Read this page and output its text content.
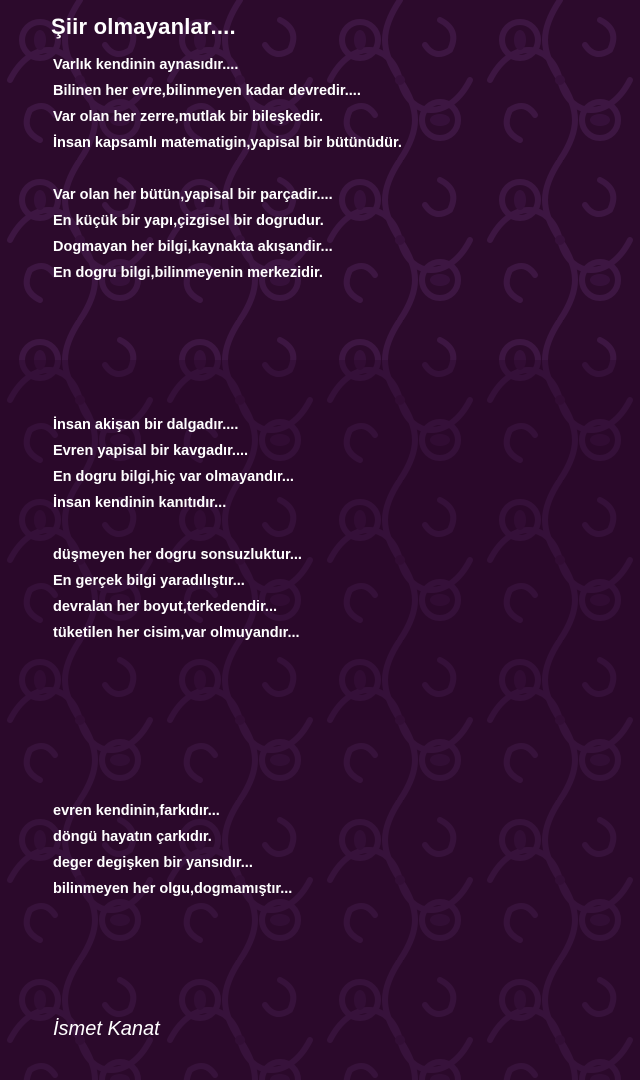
Şiir olmayanlar....
Varlık kendinin aynasıdır....
Bilinen her evre,bilinmeyen kadar devredir....
Var olan her zerre,mutlak bir bileşkedir.
İnsan kapsamlı matematigin,yapisal bir bütünüdür.
Var olan her bütün,yapisal bir parçadir....
En küçük bir yapı,çizgisel bir dogrudur.
Dogmayan her bilgi,kaynakta akışandir...
En dogru bilgi,bilinmeyenin merkezidir.
İnsan akişan bir dalgadır....
Evren yapisal bir kavgadır....
En dogru bilgi,hiç var olmayandır...
İnsan kendinin kanıtıdır...
düşmeyen her dogru sonsuzluktur...
En gerçek bilgi yaradılıştır...
devralan her boyut,terkedendir...
tüketilen her cisim,var olmuyandır...
evren kendinin,farkıdır...
döngü hayatın çarkıdır.
deger degişken bir yansıdır...
bilinmeyen her olgu,dogmamıştır...

İsmet Kanat
